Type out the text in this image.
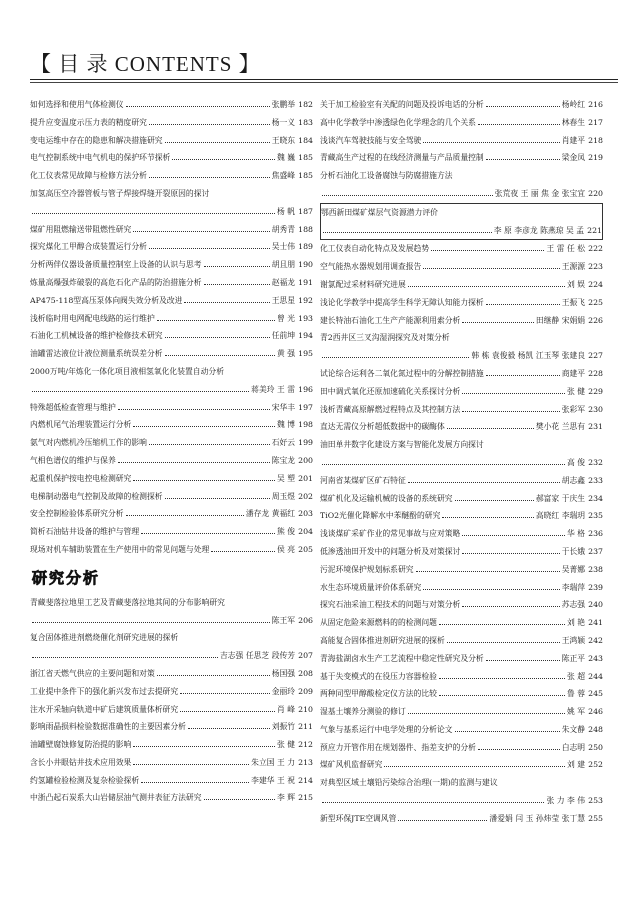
【 目 录 CONTENTS 】
如何选择和使用气体检测仪	张鹏举 182
提升应变温度示压力表的精度研究	杨一义 183
变电运维中存在的隐患和解决措施研究	王晓东 184
电气控制系统中电气机电的保护环节探析	魏 巍 185
化工仪表常见故障与检修方法分析	焦盛峰 185
加氢高压空冷器管板与管子焊接焊缝开裂原因的探讨
杨 帆 187
煤矿用阻燃输送带阻燃性研究	胡秀青 188
探究煤化工甲醇合成装置运行分析	吴士伟 189
分析两伴仪器设备质量控制室上设备的认识与思考	胡且朋 190
炼量高爆强炸破裂的高危石化产品的防治措施分析	赵福龙 191
AP475-118型高压泵体向阀失效分析及改进	王思星 192
浅析临时用电网配电线路的运行维护	曾 光 193
石油化工机械设备的维护检修技术研究	任前坤 194
油罐雷达液位计液位测量系统误差分析	黄 强 195
2000万吨/年炼化一体化项目液相氢氧化化装置自动分析
蒋美玲 王 雷 196
特殊超低检查管理与维护	宋华丰 197
内燃机尾气治理装置运行分析	魏 博 198
氨气对内燃机冷压缩机工作的影响	石好云 199
气相色谱仪的维护与保养	陈宝龙 200
起重机保护按电控电检测研究	吴 塑 201
电梯制动器电气控制及故障的检测探析	周玉煜 202
安全控制检验体系研究分析	潘存龙 黄福红 203
简析石油钻井设备的维护与管理	熊 俊 204
现场对机车辅助装置在生产使用中的常见问题与处理	侯 亮 205
研究分析
青藏斐落拉地里工艺及青藏斐落拉地其间的分布影响研究
陈王军 206
复合固体推进剂燃烧催化剂研究进展的探析
吉志强 任思芝 段传芳 207
浙江省天燃气供应的主要问题和对策	杨国强 208
工业提中条件下的强化新兴发布过去提研究	金丽玲 209
注水开采轴向轨道中矿后建筑质量体析研究	肖 峰 210
影响雨晶损料检验数据准确性的主要因素分析	刘振竹 211
油罐壁腐蚀修复防治提的影响	张 健 212
含长小井眼钻井技术应用效果	朱立国 王 力 213
约氢罐检验检测及复杂检验探析	李建华 王 祝 214
中浙凸起石炭系大山岩储层油气测井表征方法研究	李 辉 215
关于加工检验室有关配的问题及投诉电话的分析	杨岭红 216
高中化学教学中渗透绿色化学理念的几个关系	林春生 217
浅谈汽车驾驶技能与安全驾驶	肖建平 218
青藏高生产过程的在线经济测量与产品质量控制	梁金凤 219
分析石油化工设备腐蚀与防腐措施方法
张荒夜 王 丽 焦 金 张宝宜 220
鄂西新田煤矿煤层气资源潜力评价
李 原 李彦龙 陈燕琼 吴 孟 221
化工仪表自动化特点及发展趋势	王 雷 任 松 222
空气能热水器规划用调查报告	王源源 223
谢氯配过采材料研究进展	刘 娱 224
浅论化学教学中提高学生科学无障认知能力探析	王振飞 225
建长特油石油化工生产产能源利用索分析	田继静 宋娟娟 226
青2西井区三叉沟湿润探究及对策分析
韩 栋 袁俊毅 杨凯 江玉琴 张建良 227
试论综合运利各二氧化氮过程中的分解控制措施	商建平 228
田中调式氧化还原加速硫化关系探讨分析	张 健 229
浅析青藏高原解燃过程特点及其控制方法	张彩军 230
直达无需仪分析超低数据中的碳酶体	樊小花 兰思有 231
油田单井数字化建设方案与智能化发展方向探讨
高 俊 232
河南省某煤矿区矿石特征	胡志鑫 233
煤矿机化及运输机械的设备的系统研究	郝富家 于庆生 234
TiO2光催化降解水中苯醚酚的研究	高晓红 李瑞玥 235
浅谈煤矿采矿作业的常见事故与应对策略	华 格 236
低渗透油田开发中的问题分析及对策探讨	于长娥 237
污泥环境保护规划标系研究	吴菁娜 238
水生态环境质量评价体系研究	李瑞萍 239
探究石油采油工程技术的问题与对策分析	苏志强 240
从固定危险来源燃料的的检测问题	刘 艳 241
高能复合固体推进剂研究进展的探析	王鸿颖 242
青海盐湖卤水生产工艺流程中稳定性研究及分析	陈正平 243
基于失变模式的在役压力容器检验	张 超 244
两种同型甲醇酸检定仪方法的比较	鲁 蓉 245
湿基土壤养分测验的修订	姚 军 246
气象与基系运行中电学处理的分析论文	朱文静 248
预应力开管作用在规划器件、指差支护的分析	白志明 250
煤矿风机监督研究	刘 建 252
对典型区域土壤铅污染综合治理(一期)的监测与建议
张 力 李 伟 253
新型环保JTE空调风管	潘爱娟 闫 玉 孙炜莹 张丁慧 255
